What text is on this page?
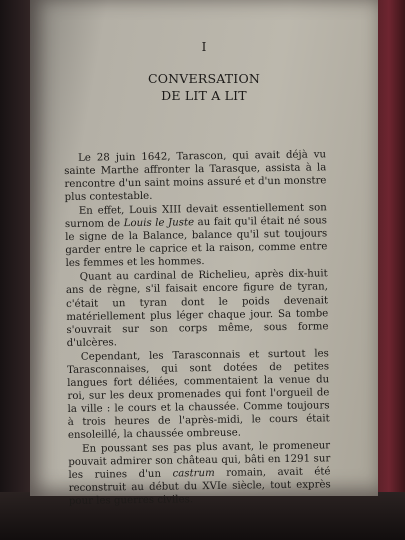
I
CONVERSATION
DE LIT A LIT

Le 28 juin 1642, Tarascon, qui avait déjà vu sainte Marthe affronter la Tarasque, assista à la rencontre d'un saint moins assuré et d'un monstre plus contestable.

En effet, Louis XIII devait essentiellement son surnom de Louis le Juste au fait qu'il était né sous le signe de la Balance, balance qu'il sut toujours garder entre le caprice et la raison, comme entre les femmes et les hommes.

Quant au cardinal de Richelieu, après dix-huit ans de règne, s'il faisait encore figure de tyran, c'était un tyran dont le poids devenait matériellement plus léger chaque jour. Sa tombe s'ouvrait sur son corps même, sous forme d'ulcères.

Cependant, les Tarasconnais et surtout les Tarasconnaises, qui sont dotées de petites langues fort déliées, commentaient la venue du roi, sur les deux promenades qui font l'orgueil de la ville : le cours et la chaussée. Comme toujours à trois heures de l'après-midi, le cours était ensoleillé, la chaussée ombreuse.

En poussant ses pas plus avant, le promeneur pouvait admirer son château qui, bâti en 1291 sur les ruines d'un castrum romain, avait été reconstruit au début du XVIe siècle, tout exprès pour les guerres civiles.
